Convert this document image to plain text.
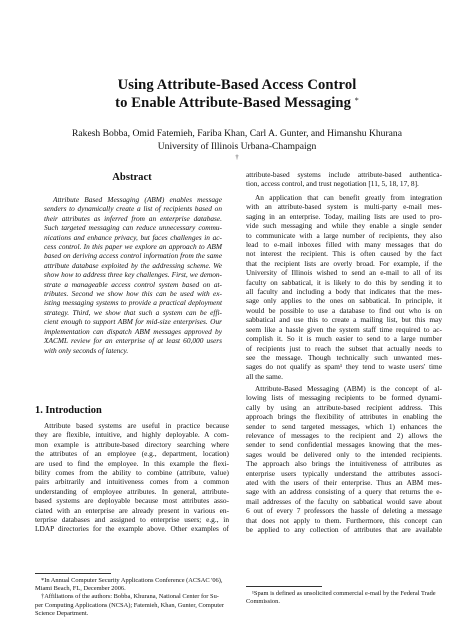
Using Attribute-Based Access Control
to Enable Attribute-Based Messaging *
Rakesh Bobba, Omid Fatemieh, Fariba Khan, Carl A. Gunter, and Himanshu Khurana
University of Illinois Urbana-Champaign
†
Abstract
Attribute Based Messaging (ABM) enables message
senders to dynamically create a list of recipients based on
their attributes as inferred from an enterprise database.
Such targeted messaging can reduce unnecessary commu-
nications and enhance privacy, but faces challenges in ac-
cess control. In this paper we explore an approach to ABM
based on deriving access control information from the same
attribute database exploited by the addressing scheme. We
show how to address three key challenges. First, we demon-
strate a manageable access control system based on at-
tributes. Second we show how this can be used with ex-
isting messaging systems to provide a practical deployment
strategy. Third, we show that such a system can be effi-
cient enough to support ABM for mid-size enterprises. Our
implementation can dispatch ABM messages approved by
XACML review for an enterprise of at least 60,000 users
with only seconds of latency.
1. Introduction
Attribute based systems are useful in practice because
they are flexible, intuitive, and highly deployable. A com-
mon example is attribute-based directory searching where
the attributes of an employee (e.g., department, location)
are used to find the employee. In this example the flexi-
bility comes from the ability to combine (attribute, value)
pairs arbitrarily and intuitiveness comes from a common
understanding of employee attributes. In general, attribute-
based systems are deployable because most attributes asso-
ciated with an enterprise are already present in various en-
terprise databases and assigned to enterprise users; e.g., in
LDAP directories for the example above. Other examples of
*In Annual Computer Security Applications Conference (ACSAC '06),
Miami Beach, FL, December 2006.
†Affiliations of the authors: Bobba, Khurana, National Center for Su-
per Computing Applications (NCSA); Fatemieh, Khan, Gunter, Computer
Science Department.
attribute-based systems include attribute-based authentica-
tion, access control, and trust negotiation [11, 5, 18, 17, 8].
An application that can benefit greatly from integration
with an attribute-based system is multi-party e-mail mes-
saging in an enterprise. Today, mailing lists are used to pro-
vide such messaging and while they enable a single sender
to communicate with a large number of recipients, they also
lead to e-mail inboxes filled with many messages that do
not interest the recipient. This is often caused by the fact
that the recipient lists are overly broad. For example, if the
University of Illinois wished to send an e-mail to all of its
faculty on sabbatical, it is likely to do this by sending it to
all faculty and including a body that indicates that the mes-
sage only applies to the ones on sabbatical. In principle, it
would be possible to use a database to find out who is on
sabbatical and use this to create a mailing list, but this may
seem like a hassle given the system staff time required to ac-
complish it. So it is much easier to send to a large number
of recipients just to reach the subset that actually needs to
see the message. Though technically such unwanted mes-
sages do not qualify as spam¹ they tend to waste users' time
all the same.
Attribute-Based Messaging (ABM) is the concept of al-
lowing lists of messaging recipients to be formed dynami-
cally by using an attribute-based recipient address. This
approach brings the flexibility of attributes in enabling the
sender to send targeted messages, which 1) enhances the
relevance of messages to the recipient and 2) allows the
sender to send confidential messages knowing that the mes-
sages would be delivered only to the intended recipients.
The approach also brings the intuitiveness of attributes as
enterprise users typically understand the attributes associ-
ated with the users of their enterprise. Thus an ABM mes-
sage with an address consisting of a query that returns the e-
mail addresses of the faculty on sabbatical would save about
6 out of every 7 professors the hassle of deleting a message
that does not apply to them. Furthermore, this concept can
be applied to any collection of attributes that are available
¹Spam is defined as unsolicited commercial e-mail by the Federal Trade
Commission.
